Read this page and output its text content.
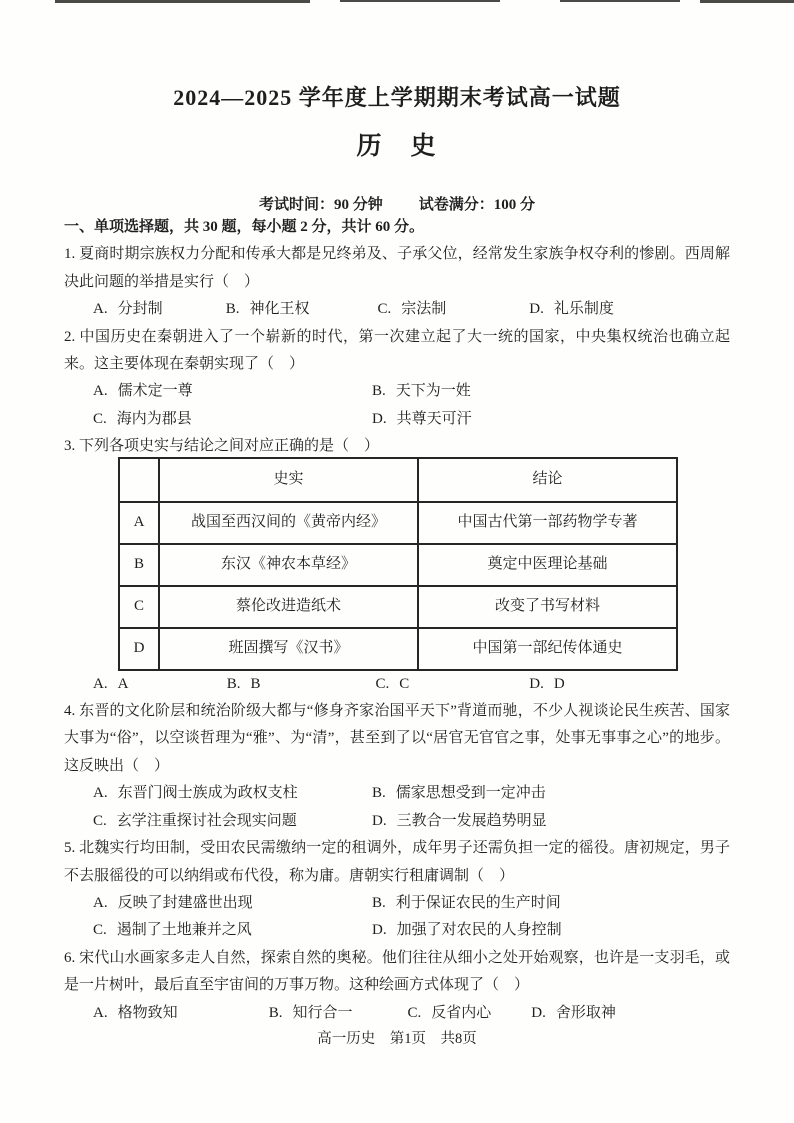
2024—2025 学年度上学期期末考试高一试题
历　史
考试时间：90 分钟 试卷满分：100 分
一、单项选择题，共 30 题，每小题 2 分，共计 60 分。

1. 夏商时期宗族权力分配和传承大都是兄终弟及、子承父位，经常发生家族争权夺利的惨剧。西周解决此问题的举措是实行（　）

A. 分封制	B. 神化王权	C. 宗法制	D. 礼乐制度

2. 中国历史在秦朝进入了一个崭新的时代，第一次建立起了大一统的国家，中央集权统治也确立起来。这主要体现在秦朝实现了（　）

A. 儒术定一尊	B. 天下为一姓
C. 海内为郡县	D. 共尊天可汗

3. 下列各项史实与结论之间对应正确的是（　）

	史实	结论
A	战国至西汉间的《黄帝内经》	中国古代第一部药物学专著
B	东汉《神农本草经》	奠定中医理论基础
C	蔡伦改进造纸术	改变了书写材料
D	班固撰写《汉书》	中国第一部纪传体通史
A. A	B. B	C. C	D. D

4. 东晋的文化阶层和统治阶级大都与“修身齐家治国平天下”背道而驰，不少人视谈论民生疾苦、国家大事为“俗”，以空谈哲理为“雅”、为“清”，甚至到了以“居官无官官之事，处事无事事之心”的地步。这反映出（　）

A. 东晋门阀士族成为政权支柱	B. 儒家思想受到一定冲击
C. 玄学注重探讨社会现实问题	D. 三教合一发展趋势明显

5. 北魏实行均田制，受田农民需缴纳一定的租调外，成年男子还需负担一定的徭役。唐初规定，男子不去服徭役的可以纳绢或布代役，称为庸。唐朝实行租庸调制（　）

A. 反映了封建盛世出现	B. 利于保证农民的生产时间
C. 遏制了土地兼并之风	D. 加强了对农民的人身控制

6. 宋代山水画家多走人自然，探索自然的奥秘。他们往往从细小之处开始观察，也许是一支羽毛，或是一片树叶，最后直至宇宙间的万事万物。这种绘画方式体现了（　）

A. 格物致知	B. 知行合一	C. 反省内心	D. 舍形取神
高一历史　第1页　共8页
